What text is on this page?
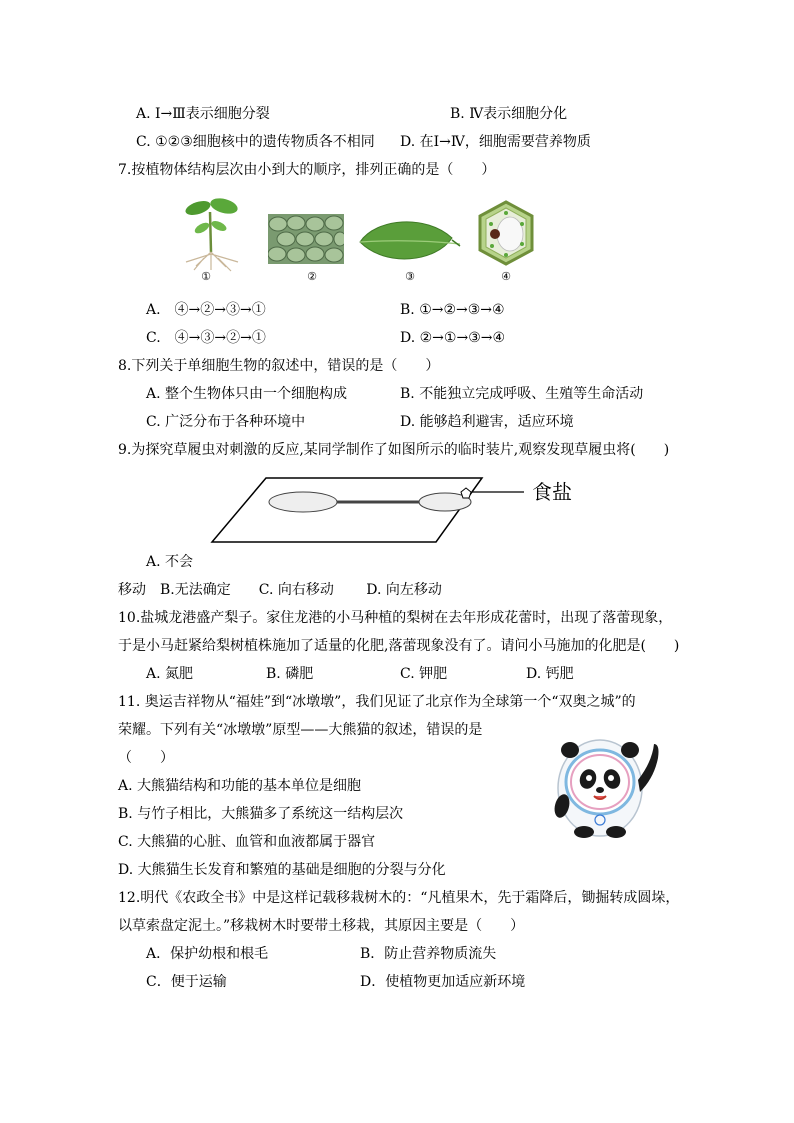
A. Ⅰ→Ⅲ表示细胞分裂	B. Ⅳ表示细胞分化
C. ①②③细胞核中的遗传物质各不相同 D. 在Ⅰ→Ⅳ，细胞需要营养物质
7.按植物体结构层次由小到大的顺序，排列正确的是（　　）
①	②	③	④
A.　④→②→③→①	B. ①→②→③→④
C.　④→③→②→①	D. ②→①→③→④
8.下列关于单细胞生物的叙述中，错误的是（　　）
A. 整个生物体只由一个细胞构成	B. 不能独立完成呼吸、生殖等生命活动
C. 广泛分布于各种环境中	D. 能够趋利避害，适应环境
9.为探究草履虫对刺激的反应,某同学制作了如图所示的临时装片,观察发现草履虫将(　　)
食盐
A. 不会
移动　B.无法确定　　C. 向右移动　　 D. 向左移动
10.盐城龙港盛产梨子。家住龙港的小马种植的梨树在去年形成花蕾时，出现了落蕾现象，
于是小马赶紧给梨树植株施加了适量的化肥,落蕾现象没有了。请问小马施加的化肥是(　　)
A. 氮肥	B. 磷肥	C. 钾肥	D. 钙肥
11. 奥运吉祥物从“福娃”到“冰墩墩”，我们见证了北京作为全球第一个“双奥之城”的
荣耀。下列有关“冰墩墩”原型——大熊猫的叙述，错误的是
（　　）
A. 大熊猫结构和功能的基本单位是细胞
B. 与竹子相比，大熊猫多了系统这一结构层次
C. 大熊猫的心脏、血管和血液都属于器官
D. 大熊猫生长发育和繁殖的基础是细胞的分裂与分化
12.明代《农政全书》中是这样记载移栽树木的：“凡植果木，先于霜降后，锄掘转成圆垛，
以草索盘定泥土。”移栽树木时要带土移栽，其原因主要是（　　）
A．保护幼根和根毛	B．防止营养物质流失
C．便于运输	D．使植物更加适应新环境
